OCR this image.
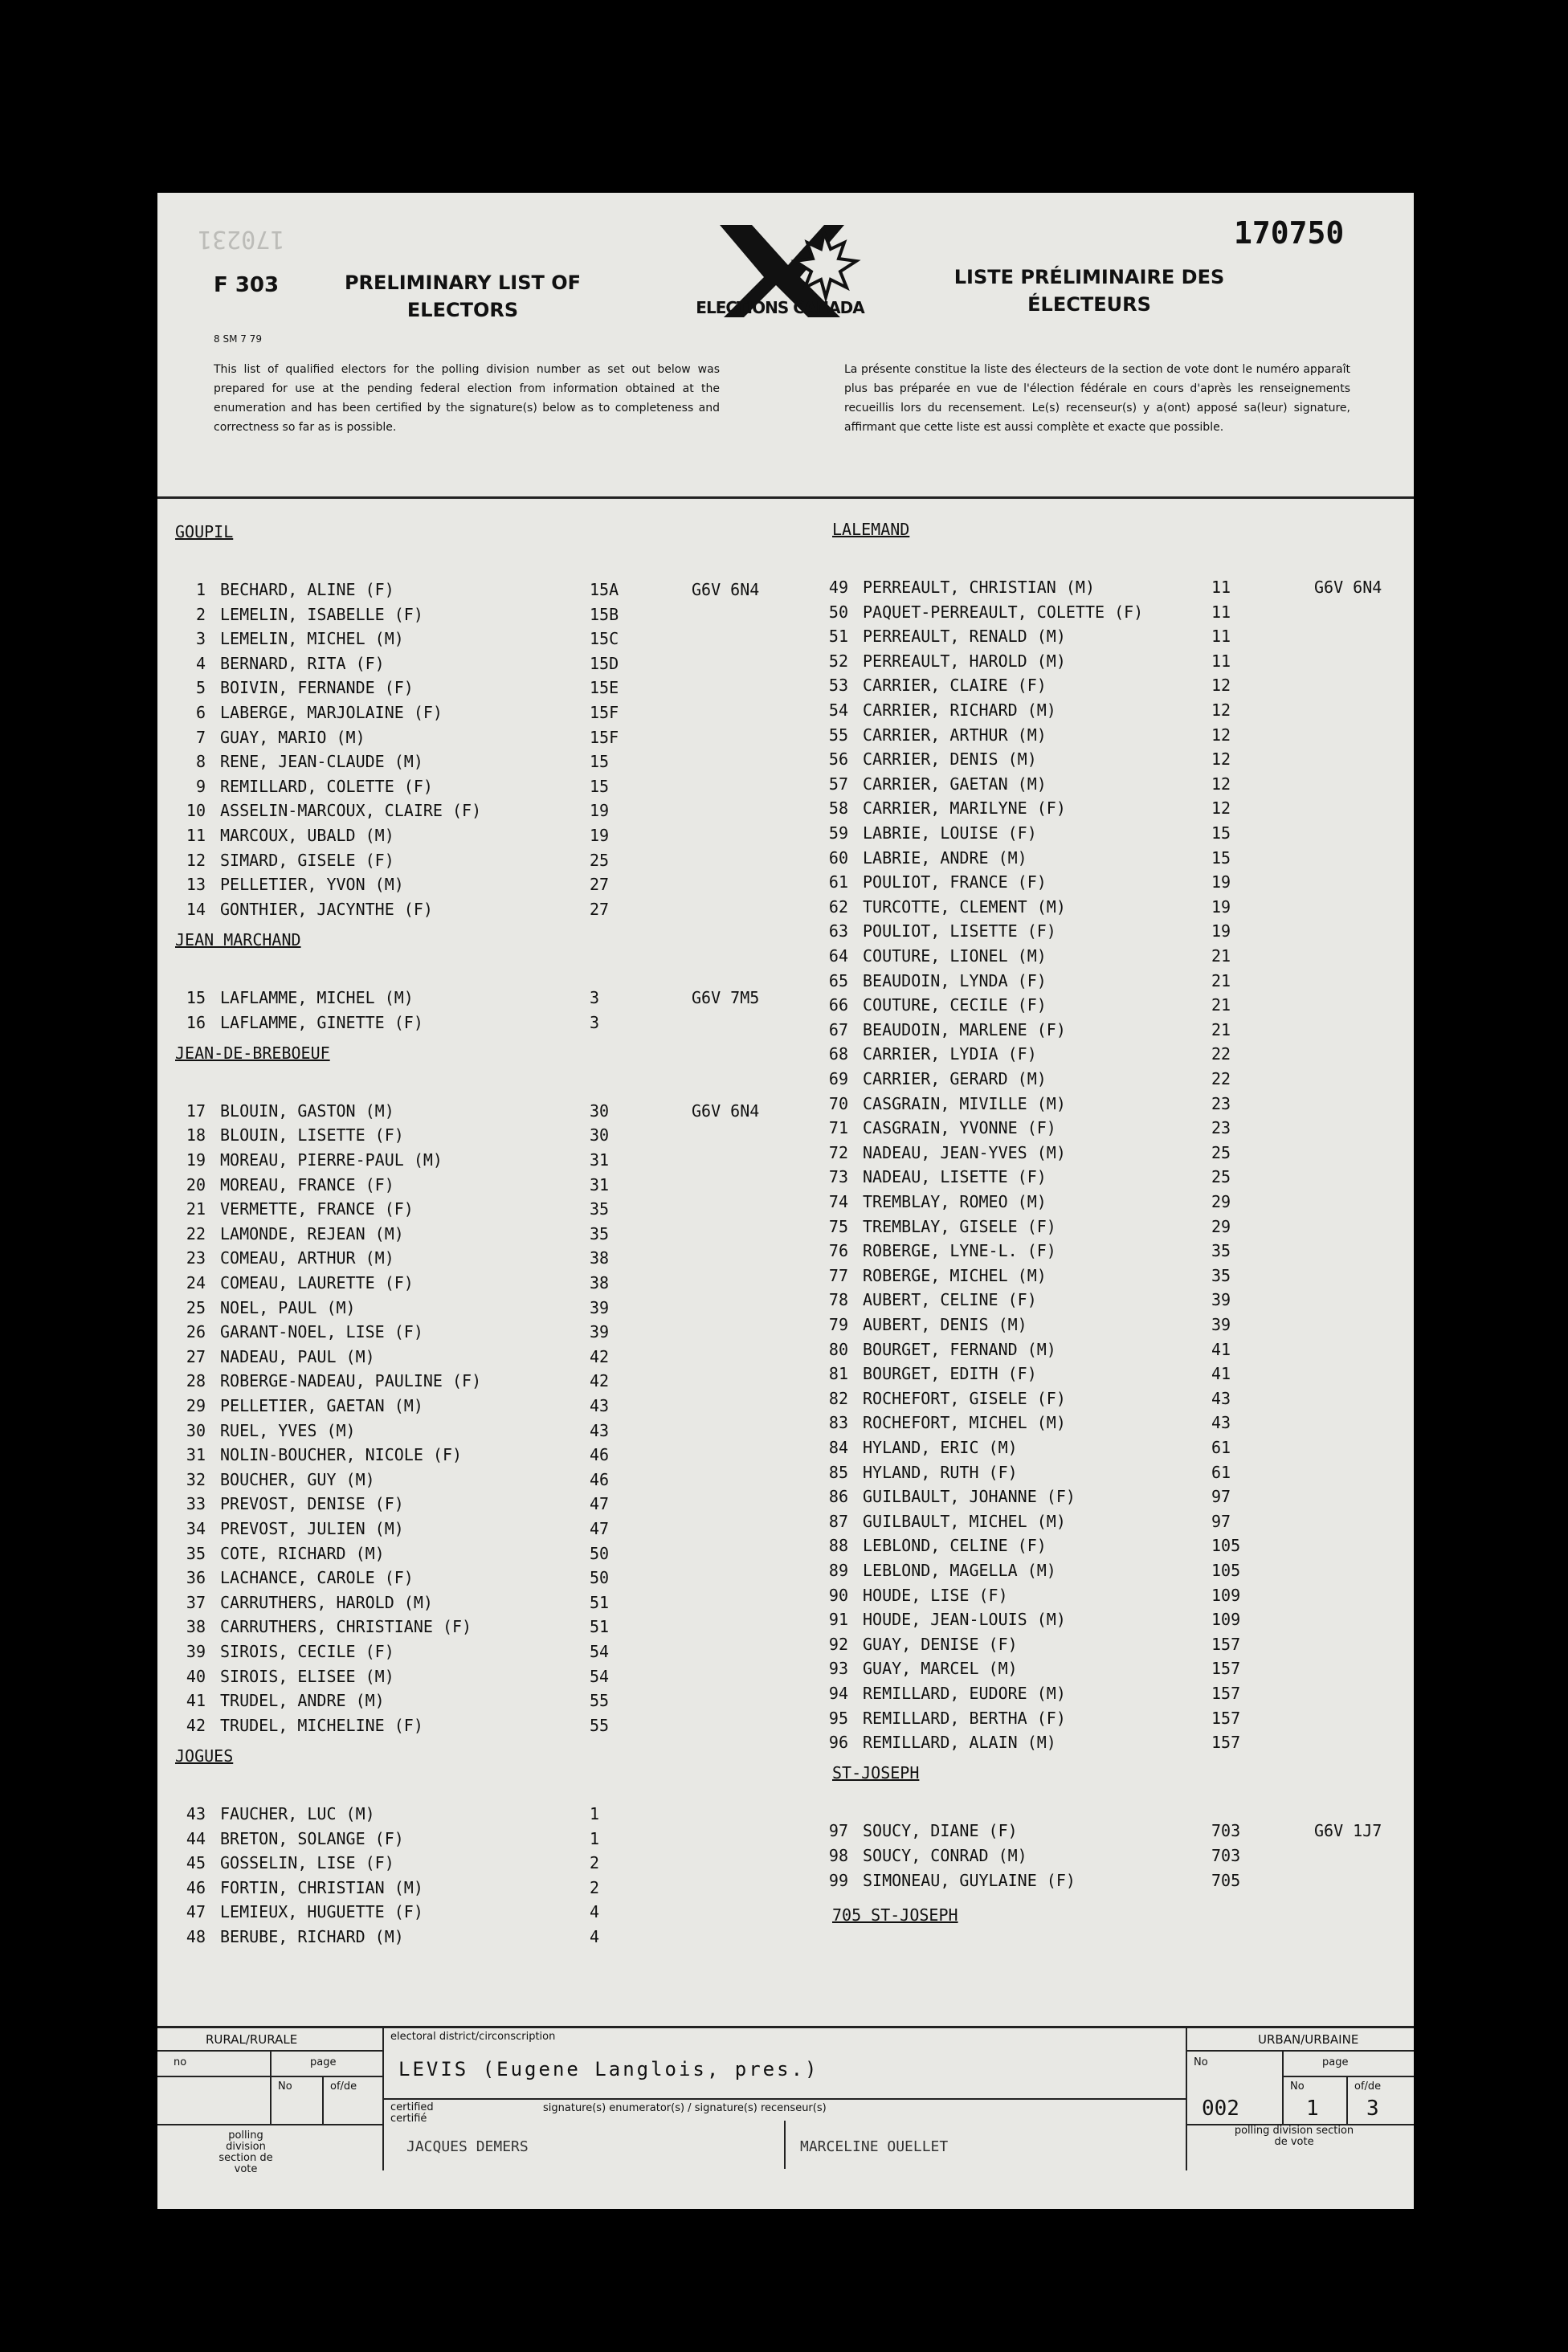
170231
F 303
8 SM 7 79
PRELIMINARY LIST OF ELECTORS
LISTE PRÉLIMINAIRE DES ÉLECTEURS
170750
ELECTIONS CANADA
This list of qualified electors for the polling division number as set out below was prepared for use at the pending federal election from information obtained at the enumeration and has been certified by the signature(s) below as to completeness and correctness so far as is possible.
La présente constitue la liste des électeurs de la section de vote dont le numéro apparaît plus bas préparée en vue de l'élection fédérale en cours d'après les renseignements recueillis lors du recensement. Le(s) recenseur(s) y a(ont) apposé sa(leur) signature, affirmant que cette liste est aussi complète et exacte que possible.
GOUPIL
1 BECHARD, ALINE (F)	15A	G6V 6N4
2 LEMELIN, ISABELLE (F)	15B
3 LEMELIN, MICHEL (M)	15C
4 BERNARD, RITA (F)	15D
5 BOIVIN, FERNANDE (F)	15E
6 LABERGE, MARJOLAINE (F)	15F
7 GUAY, MARIO (M)	15F
8 RENE, JEAN-CLAUDE (M)	15
9 REMILLARD, COLETTE (F)	15
10 ASSELIN-MARCOUX, CLAIRE (F)	19
11 MARCOUX, UBALD (M)	19
12 SIMARD, GISELE (F)	25
13 PELLETIER, YVON (M)	27
14 GONTHIER, JACYNTHE (F)	27
JEAN MARCHAND
15 LAFLAMME, MICHEL (M)	3	G6V 7M5
16 LAFLAMME, GINETTE (F)	3
JEAN-DE-BREBOEUF
17 BLOUIN, GASTON (M)	30	G6V 6N4
18 BLOUIN, LISETTE (F)	30
19 MOREAU, PIERRE-PAUL (M)	31
20 MOREAU, FRANCE (F)	31
21 VERMETTE, FRANCE (F)	35
22 LAMONDE, REJEAN (M)	35
23 COMEAU, ARTHUR (M)	38
24 COMEAU, LAURETTE (F)	38
25 NOEL, PAUL (M)	39
26 GARANT-NOEL, LISE (F)	39
27 NADEAU, PAUL (M)	42
28 ROBERGE-NADEAU, PAULINE (F)	42
29 PELLETIER, GAETAN (M)	43
30 RUEL, YVES (M)	43
31 NOLIN-BOUCHER, NICOLE (F)	46
32 BOUCHER, GUY (M)	46
33 PREVOST, DENISE (F)	47
34 PREVOST, JULIEN (M)	47
35 COTE, RICHARD (M)	50
36 LACHANCE, CAROLE (F)	50
37 CARRUTHERS, HAROLD (M)	51
38 CARRUTHERS, CHRISTIANE (F)	51
39 SIROIS, CECILE (F)	54
40 SIROIS, ELISEE (M)	54
41 TRUDEL, ANDRE (M)	55
42 TRUDEL, MICHELINE (F)	55
JOGUES
43 FAUCHER, LUC (M)	1
44 BRETON, SOLANGE (F)	1
45 GOSSELIN, LISE (F)	2
46 FORTIN, CHRISTIAN (M)	2
47 LEMIEUX, HUGUETTE (F)	4
48 BERUBE, RICHARD (M)	4
LALEMAND
49 PERREAULT, CHRISTIAN (M)	11	G6V 6N4
50 PAQUET-PERREAULT, COLETTE (F)	11
51 PERREAULT, RENALD (M)	11
52 PERREAULT, HAROLD (M)	11
53 CARRIER, CLAIRE (F)	12
54 CARRIER, RICHARD (M)	12
55 CARRIER, ARTHUR (M)	12
56 CARRIER, DENIS (M)	12
57 CARRIER, GAETAN (M)	12
58 CARRIER, MARILYNE (F)	12
59 LABRIE, LOUISE (F)	15
60 LABRIE, ANDRE (M)	15
61 POULIOT, FRANCE (F)	19
62 TURCOTTE, CLEMENT (M)	19
63 POULIOT, LISETTE (F)	19
64 COUTURE, LIONEL (M)	21
65 BEAUDOIN, LYNDA (F)	21
66 COUTURE, CECILE (F)	21
67 BEAUDOIN, MARLENE (F)	21
68 CARRIER, LYDIA (F)	22
69 CARRIER, GERARD (M)	22
70 CASGRAIN, MIVILLE (M)	23
71 CASGRAIN, YVONNE (F)	23
72 NADEAU, JEAN-YVES (M)	25
73 NADEAU, LISETTE (F)	25
74 TREMBLAY, ROMEO (M)	29
75 TREMBLAY, GISELE (F)	29
76 ROBERGE, LYNE-L. (F)	35
77 ROBERGE, MICHEL (M)	35
78 AUBERT, CELINE (F)	39
79 AUBERT, DENIS (M)	39
80 BOURGET, FERNAND (M)	41
81 BOURGET, EDITH (F)	41
82 ROCHEFORT, GISELE (F)	43
83 ROCHEFORT, MICHEL (M)	43
84 HYLAND, ERIC (M)	61
85 HYLAND, RUTH (F)	61
86 GUILBAULT, JOHANNE (F)	97
87 GUILBAULT, MICHEL (M)	97
88 LEBLOND, CELINE (F)	105
89 LEBLOND, MAGELLA (M)	105
90 HOUDE, LISE (F)	109
91 HOUDE, JEAN-LOUIS (M)	109
92 GUAY, DENISE (F)	157
93 GUAY, MARCEL (M)	157
94 REMILLARD, EUDORE (M)	157
95 REMILLARD, BERTHA (F)	157
96 REMILLARD, ALAIN (M)	157
ST-JOSEPH
97 SOUCY, DIANE (F)	703	G6V 1J7
98 SOUCY, CONRAD (M)	703
99 SIMONEAU, GUYLAINE (F)	705
705 ST-JOSEPH
RURAL/RURALE
no	page
No	of/de
polling division section de vote
electoral district/circonscription
LEVIS (Eugene Langlois, pres.)
certified certifié
signature(s) enumerator(s) / signature(s) recenseur(s)
JACQUES DEMERS	MARCELINE OUELLET
URBAN/URBAINE
No	page
No	of/de
002	1 3
polling division section de vote
